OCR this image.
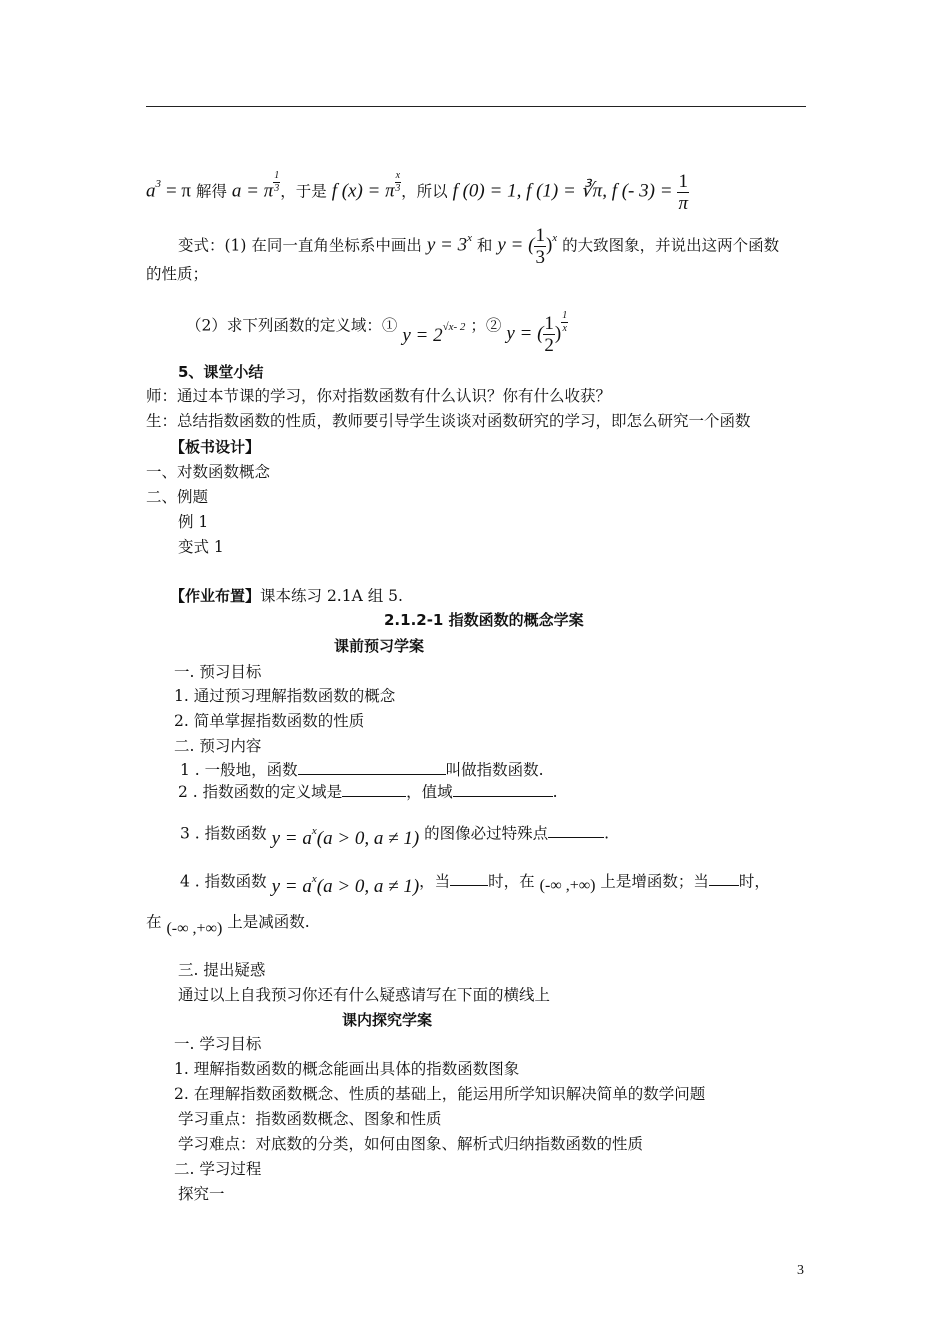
$a^3 = \pi$ 解得 a = π $\frac{1}{3}$ ，于是 f (x) = π $\frac{x}{3}$ ，所以 f (0) = 1, f (1) = ∛π, f (- $3) = \frac{1}{\pi}$
变式：(1) 在同一直角坐标系中画出 $y = 3^x$ 和 y = ( $\frac{1}{3} )^x$ 的大致图象，并说出这两个函数
的性质；
（2）求下列函数的定义域：① $y = 2^{√x- 2}$ ；② y = ( $\frac{1}{2}$ ) $\frac{1}{x}$
5、课堂小结
师：通过本节课的学习，你对指数函数有什么认识？你有什么收获？
生：总结指数函数的性质，教师要引导学生谈谈对函数研究的学习，即怎么研究一个函数
【板书设计】
一、对数函数概念
二、例题
例 1
变式 1
【作业布置】课本练习 2.1A 组 5.
2.1.2-1 指数函数的概念学案
课前预习学案
一. 预习目标
1. 通过预习理解指数函数的概念
2. 简单掌握指数函数的性质
二. 预习内容
1 . 一般地，函数	叫做指数函数.
2 . 指数函数的定义域是	，值域	.
3 . 指数函数 $y = a^x(a > 0$, a ≠ 1) 的图像必过特殊点	.
4 . 指数函数 $y = a^x(a > 0$, a ≠ 1)，当 时，在 (-∞ ,+∞) 上是增函数；当 时，
在 (-∞ ,+∞) 上是减函数.
三. 提出疑惑
通过以上自我预习你还有什么疑惑请写在下面的横线上
课内探究学案
一. 学习目标
1. 理解指数函数的概念能画出具体的指数函数图象
2. 在理解指数函数概念、性质的基础上，能运用所学知识解决简单的数学问题
学习重点：指数函数概念、图象和性质
学习难点：对底数的分类，如何由图象、解析式归纳指数函数的性质
二. 学习过程
探究一
3
